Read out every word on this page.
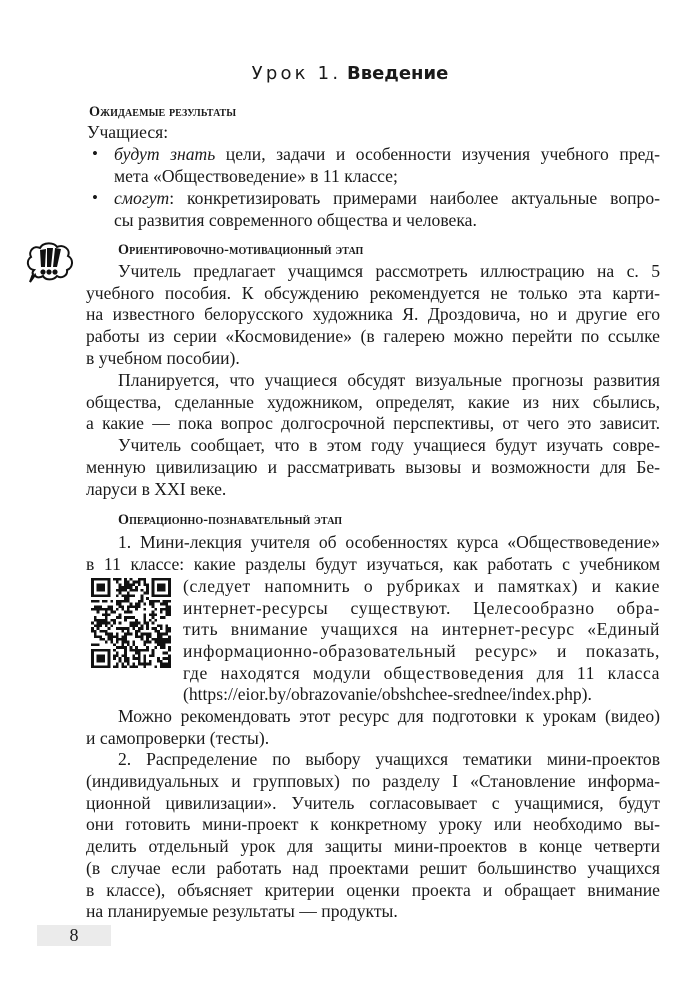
Урок 1. Введение
Ожидаемые результаты
Учащиеся:
• будут знать цели, задачи и особенности изучения учебного пред-
мета «Обществоведение» в 11 классе;
• смогут: конкретизировать примерами наиболее актуальные вопро-
сы развития современного общества и человека.
Ориентировочно-мотивационный этап
Учитель предлагает учащимся рассмотреть иллюстрацию на с. 5
учебного пособия. К обсуждению рекомендуется не только эта карти-
на известного белорусского художника Я. Дроздовича, но и другие его
работы из серии «Космовидение» (в галерею можно перейти по ссылке
в учебном пособии).
Планируется, что учащиеся обсудят визуальные прогнозы развития
общества, сделанные художником, определят, какие из них сбылись,
а какие — пока вопрос долгосрочной перспективы, от чего это зависит.
Учитель сообщает, что в этом году учащиеся будут изучать совре-
менную цивилизацию и рассматривать вызовы и возможности для Бе-
ларуси в XXI веке.
Операционно-познавательный этап
1. Мини-лекция учителя об особенностях курса «Обществоведение»
в 11 классе: какие разделы будут изучаться, как работать с учебником
(следует напомнить о рубриках и памятках) и какие
интернет-ресурсы существуют. Целесообразно обра-
тить внимание учащихся на интернет-ресурс «Единый
информационно-образовательный ресурс» и показать,
где находятся модули обществоведения для 11 класса
(https://eior.by/obrazovanie/obshchee-srednee/index.php).
Можно рекомендовать этот ресурс для подготовки к урокам (видео)
и самопроверки (тесты).
2. Распределение по выбору учащихся тематики мини-проектов
(индивидуальных и групповых) по разделу I «Становление информа-
ционной цивилизации». Учитель согласовывает с учащимися, будут
они готовить мини-проект к конкретному уроку или необходимо вы-
делить отдельный урок для защиты мини-проектов в конце четверти
(в случае если работать над проектами решит большинство учащихся
в классе), объясняет критерии оценки проекта и обращает внимание
на планируемые результаты — продукты.
8
